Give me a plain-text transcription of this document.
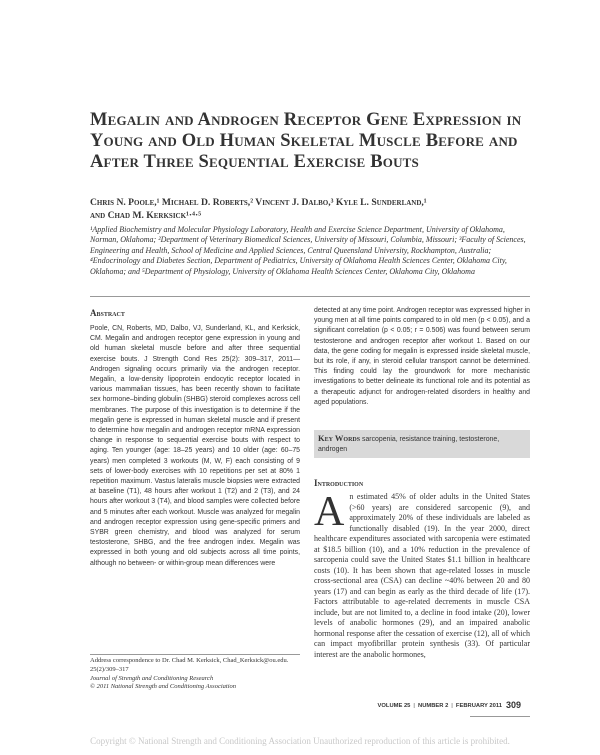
Megalin and Androgen Receptor Gene Expression in Young and Old Human Skeletal Muscle Before and After Three Sequential Exercise Bouts
Chris N. Poole,¹ Michael D. Roberts,² Vincent J. Dalbo,³ Kyle L. Sunderland,¹
and Chad M. Kerksick¹·⁴·⁵
¹Applied Biochemistry and Molecular Physiology Laboratory, Health and Exercise Science Department, University of Oklahoma, Norman, Oklahoma; ²Department of Veterinary Biomedical Sciences, University of Missouri, Columbia, Missouri; ³Faculty of Sciences, Engineering and Health, School of Medicine and Applied Sciences, Central Queensland University, Rockhampton, Australia; ⁴Endocrinology and Diabetes Section, Department of Pediatrics, University of Oklahoma Health Sciences Center, Oklahoma City, Oklahoma; and ⁵Department of Physiology, University of Oklahoma Health Sciences Center, Oklahoma City, Oklahoma
Abstract

Poole, CN, Roberts, MD, Dalbo, VJ, Sunderland, KL, and Kerksick, CM. Megalin and androgen receptor gene expression in young and old human skeletal muscle before and after three sequential exercise bouts. J Strength Cond Res 25(2): 309–317, 2011—Androgen signaling occurs primarily via the androgen receptor. Megalin, a low-density lipoprotein endocytic receptor located in various mammalian tissues, has been recently shown to facilitate sex hormone–binding globulin (SHBG) steroid complexes across cell membranes. The purpose of this investigation is to determine if the megalin gene is expressed in human skeletal muscle and if present to determine how megalin and androgen receptor mRNA expression change in response to sequential exercise bouts with respect to aging. Ten younger (age: 18–25 years) and 10 older (age: 60–75 years) men completed 3 workouts (M, W, F) each consisting of 9 sets of lower-body exercises with 10 repetitions per set at 80% 1 repetition maximum. Vastus lateralis muscle biopsies were extracted at baseline (T1), 48 hours after workout 1 (T2) and 2 (T3), and 24 hours after workout 3 (T4), and blood samples were collected before and 5 minutes after each workout. Muscle was analyzed for megalin and androgen receptor expression using gene-specific primers and SYBR green chemistry, and blood was analyzed for serum testosterone, SHBG, and the free androgen index. Megalin was expressed in both young and old subjects across all time points, although no between- or within-group mean differences were

detected at any time point. Androgen receptor was expressed higher in young men at all time points compared to in old men (p < 0.05), and a significant correlation (p < 0.05; r = 0.506) was found between serum testosterone and androgen receptor after workout 1. Based on our data, the gene coding for megalin is expressed inside skeletal muscle, but its role, if any, in steroid cellular transport cannot be determined. This finding could lay the groundwork for more mechanistic investigations to better delineate its functional role and its potential as a therapeutic adjunct for androgen-related disorders in healthy and aged populations.

Key Words sarcopenia, resistance training, testosterone, androgen
Introduction
A n estimated 45% of older adults in the United States (>60 years) are considered sarcopenic (9), and approximately 20% of these individuals are labeled as functionally disabled (19). In the year 2000, direct healthcare expenditures associated with sarcopenia were estimated at $18.5 billion (10), and a 10% reduction in the prevalence of sarcopenia could save the United States $1.1 billion in healthcare costs (10). It has been shown that age-related losses in muscle cross-sectional area (CSA) can decline ~40% between 20 and 80 years (17) and can begin as early as the third decade of life (17). Factors attributable to age-related decrements in muscle CSA include, but are not limited to, a decline in food intake (20), lower levels of anabolic hormones (29), and an impaired anabolic hormonal response after the cessation of exercise (12), all of which can impact myofibrillar protein synthesis (33). Of particular interest are the anabolic hormones,

Address correspondence to Dr. Chad M. Kerksick, Chad_Kerksick@ou.edu.
25(2)/309–317
Journal of Strength and Conditioning Research
© 2011 National Strength and Conditioning Association
VOLUME 25 | NUMBER 2 | FEBRUARY 2011 309
Copyright © National Strength and Conditioning Association Unauthorized reproduction of this article is prohibited.
